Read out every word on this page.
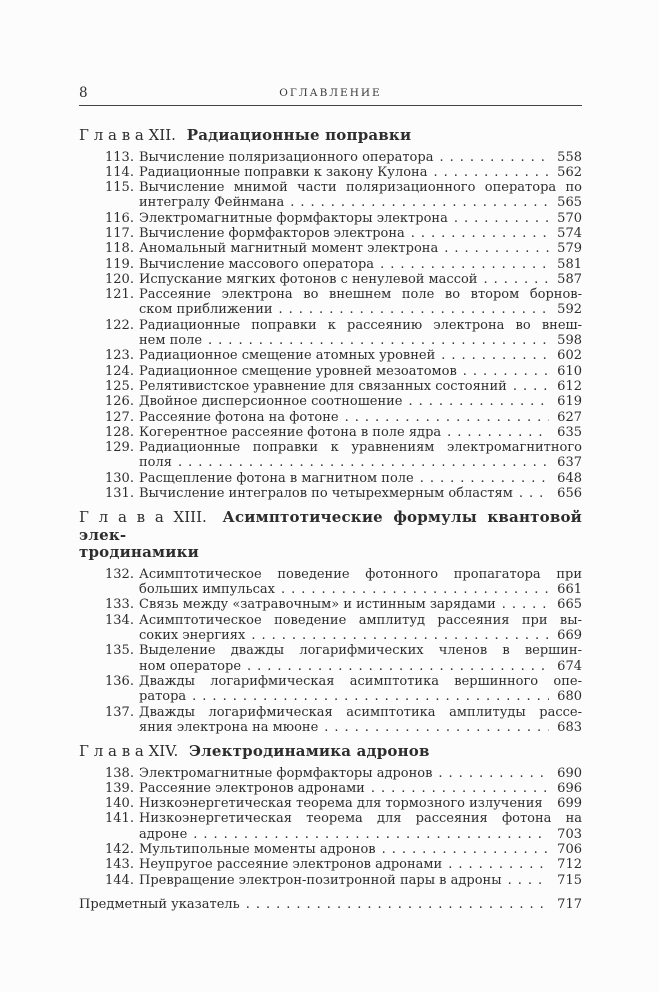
8	ОГЛАВЛЕНИЕ
Г л а в а XII. Радиационные поправки
113. Вычисление поляризационного оператора .....	558
114. Радиационные поправки к закону Кулона .....	562
115. Вычисление мнимой части поляризационного оператора по
интегралу Фейнмана .....	565
116. Электромагнитные формфакторы электрона .....	570
117. Вычисление формфакторов электрона .....	574
118. Аномальный магнитный момент электрона .....	579
119. Вычисление массового оператора .....	581
120. Испускание мягких фотонов с ненулевой массой .....	587
121. Рассеяние электрона во внешнем поле во втором борнов-
ском приближении .....	592
122. Радиационные поправки к рассеянию электрона во внеш-
нем поле .....	598
123. Радиационное смещение атомных уровней .....	602
124. Радиационное смещение уровней мезоатомов .....	610
125. Релятивистское уравнение для связанных состояний .....	612
126. Двойное дисперсионное соотношение .....	619
127. Рассеяние фотона на фотоне .....	627
128. Когерентное рассеяние фотона в поле ядра .....	635
129. Радиационные поправки к уравнениям электромагнитного
поля .....	637
130. Расщепление фотона в магнитном поле .....	648
131. Вычисление интегралов по четырехмерным областям .....	656
Г л а в а XIII. Асимптотические формулы квантовой элек-
тродинамики
132. Асимптотическое поведение фотонного пропагатора при
больших импульсах .....	661
133. Связь между «затравочным» и истинным зарядами .....	665
134. Асимптотическое поведение амплитуд рассеяния при вы-
соких энергиях .....	669
135. Выделение дважды логарифмических членов в вершин-
ном операторе .....	674
136. Дважды логарифмическая асимптотика вершинного опе-
ратора .....	680
137. Дважды логарифмическая асимптотика амплитуды рассе-
яния электрона на мюоне .....	683
Г л а в а XIV. Электродинамика адронов
138. Электромагнитные формфакторы адронов .....	690
139. Рассеяние электронов адронами .....	696
140. Низкоэнергетическая теорема для тормозного излучения 699
141. Низкоэнергетическая теорема для рассеяния фотона на
адроне .....	703
142. Мультипольные моменты адронов .....	706
143. Неупругое рассеяние электронов адронами .....	712
144. Превращение электрон-позитронной пары в адроны .....	715
Предметный указатель .....	717
